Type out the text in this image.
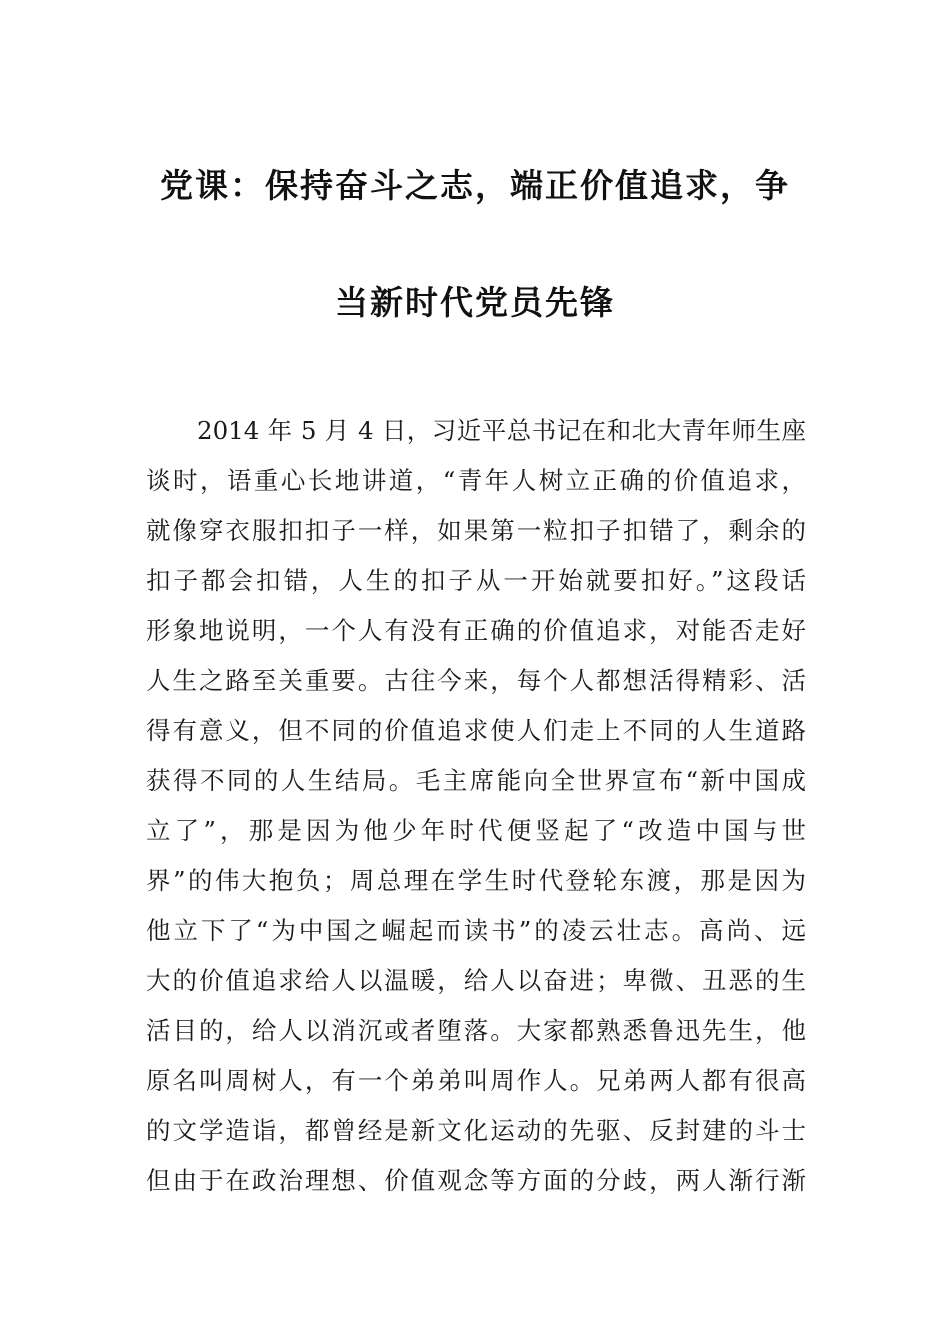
党课：保持奋斗之志，端正价值追求，争
当新时代党员先锋
2014 年 5 月 4 日，习近平总书记在和北大青年师生座
谈时，语重心长地讲道，“青年人树立正确的价值追求，
就像穿衣服扣扣子一样，如果第一粒扣子扣错了，剩余的
扣子都会扣错，人生的扣子从一开始就要扣好。”这段话
形象地说明，一个人有没有正确的价值追求，对能否走好
人生之路至关重要。古往今来，每个人都想活得精彩、活
得有意义，但不同的价值追求使人们走上不同的人生道路
获得不同的人生结局。毛主席能向全世界宣布“新中国成
立了”，那是因为他少年时代便竖起了“改造中国与世
界”的伟大抱负；周总理在学生时代登轮东渡，那是因为
他立下了“为中国之崛起而读书”的凌云壮志。高尚、远
大的价值追求给人以温暖，给人以奋进；卑微、丑恶的生
活目的，给人以消沉或者堕落。大家都熟悉鲁迅先生，他
原名叫周树人，有一个弟弟叫周作人。兄弟两人都有很高
的文学造诣，都曾经是新文化运动的先驱、反封建的斗士
但由于在政治理想、价值观念等方面的分歧，两人渐行渐
